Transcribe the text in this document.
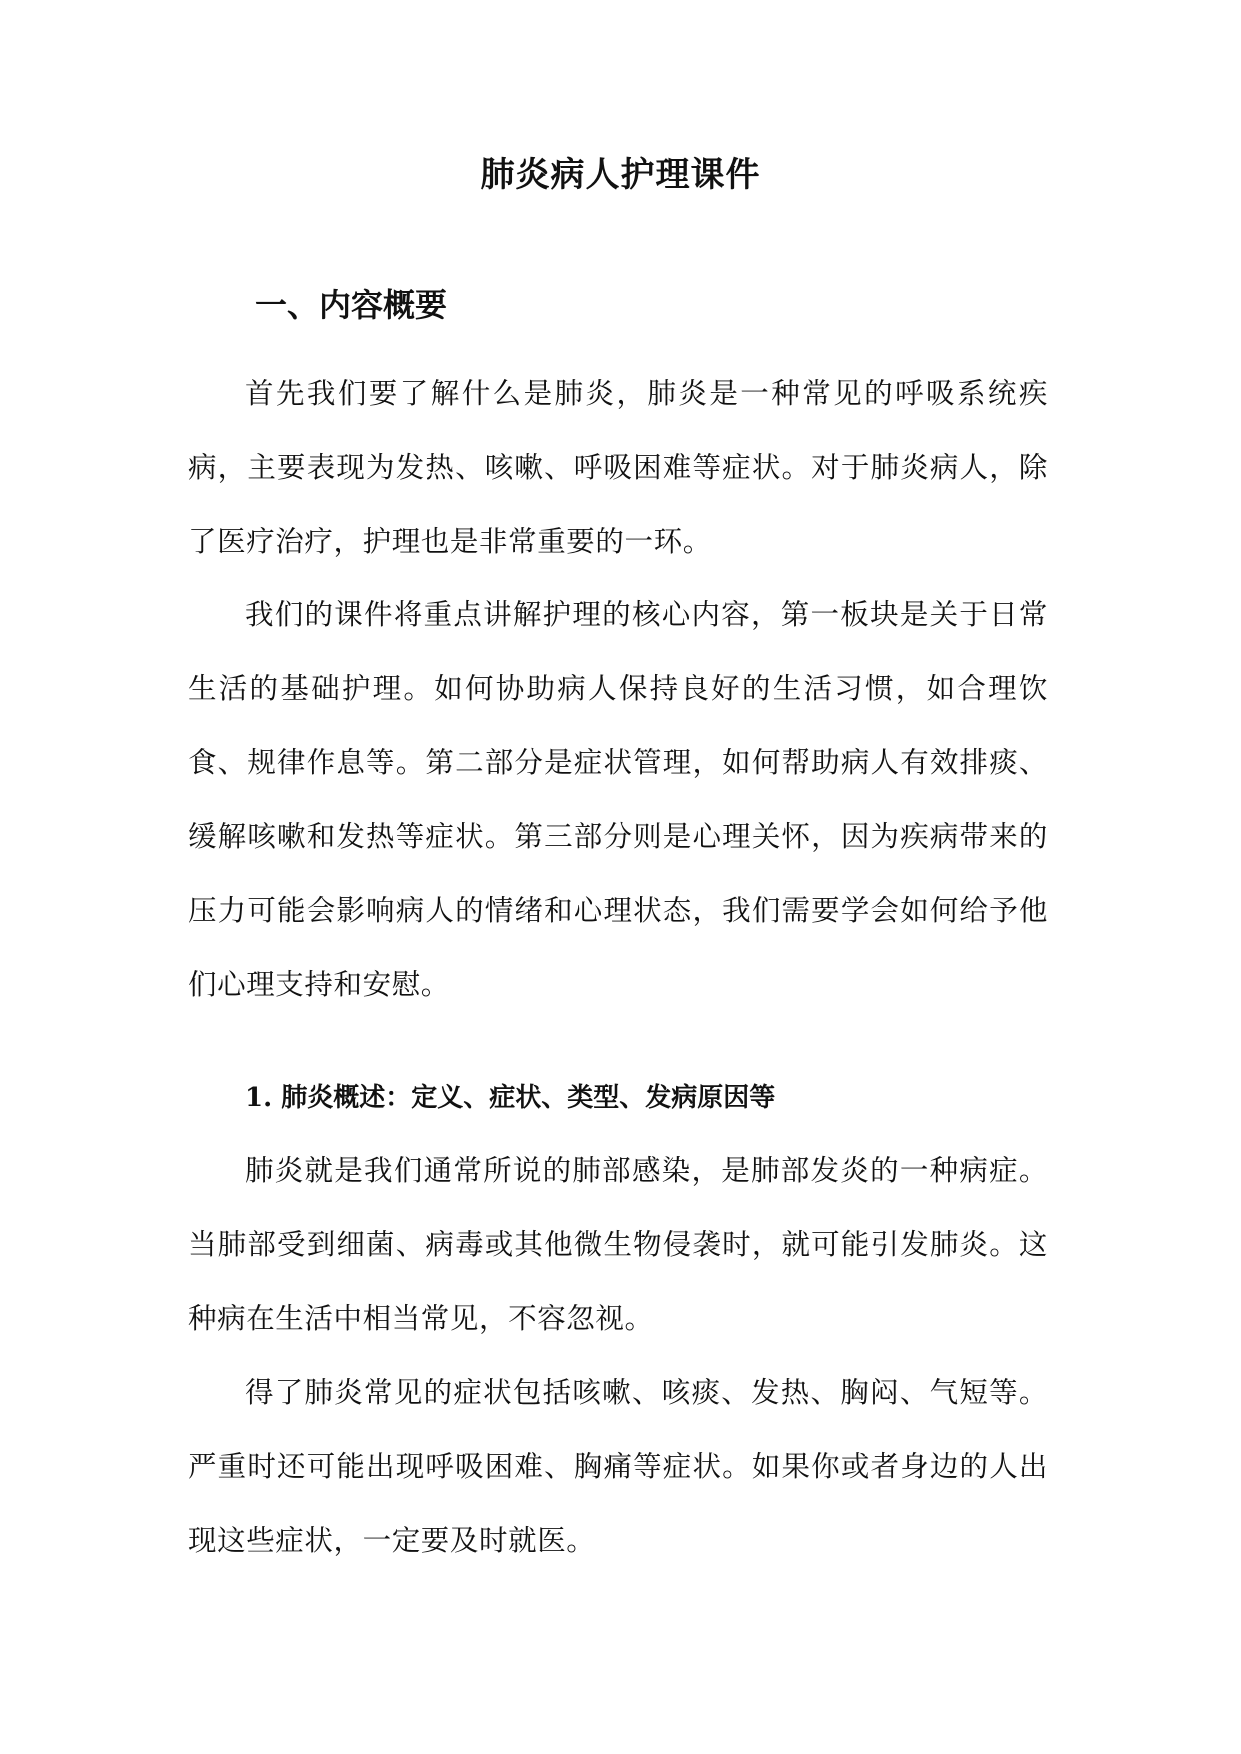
肺炎病人护理课件
一、内容概要

首先我们要了解什么是肺炎，肺炎是一种常见的呼吸系统疾病，主要表现为发热、咳嗽、呼吸困难等症状。对于肺炎病人，除了医疗治疗，护理也是非常重要的一环。

我们的课件将重点讲解护理的核心内容，第一板块是关于日常生活的基础护理。如何协助病人保持良好的生活习惯，如合理饮食、规律作息等。第二部分是症状管理，如何帮助病人有效排痰、缓解咳嗽和发热等症状。第三部分则是心理关怀，因为疾病带来的压力可能会影响病人的情绪和心理状态，我们需要学会如何给予他们心理支持和安慰。

1. 肺炎概述：定义、症状、类型、发病原因等

肺炎就是我们通常所说的肺部感染，是肺部发炎的一种病症。当肺部受到细菌、病毒或其他微生物侵袭时，就可能引发肺炎。这种病在生活中相当常见，不容忽视。

得了肺炎常见的症状包括咳嗽、咳痰、发热、胸闷、气短等。严重时还可能出现呼吸困难、胸痛等症状。如果你或者身边的人出现这些症状，一定要及时就医。
